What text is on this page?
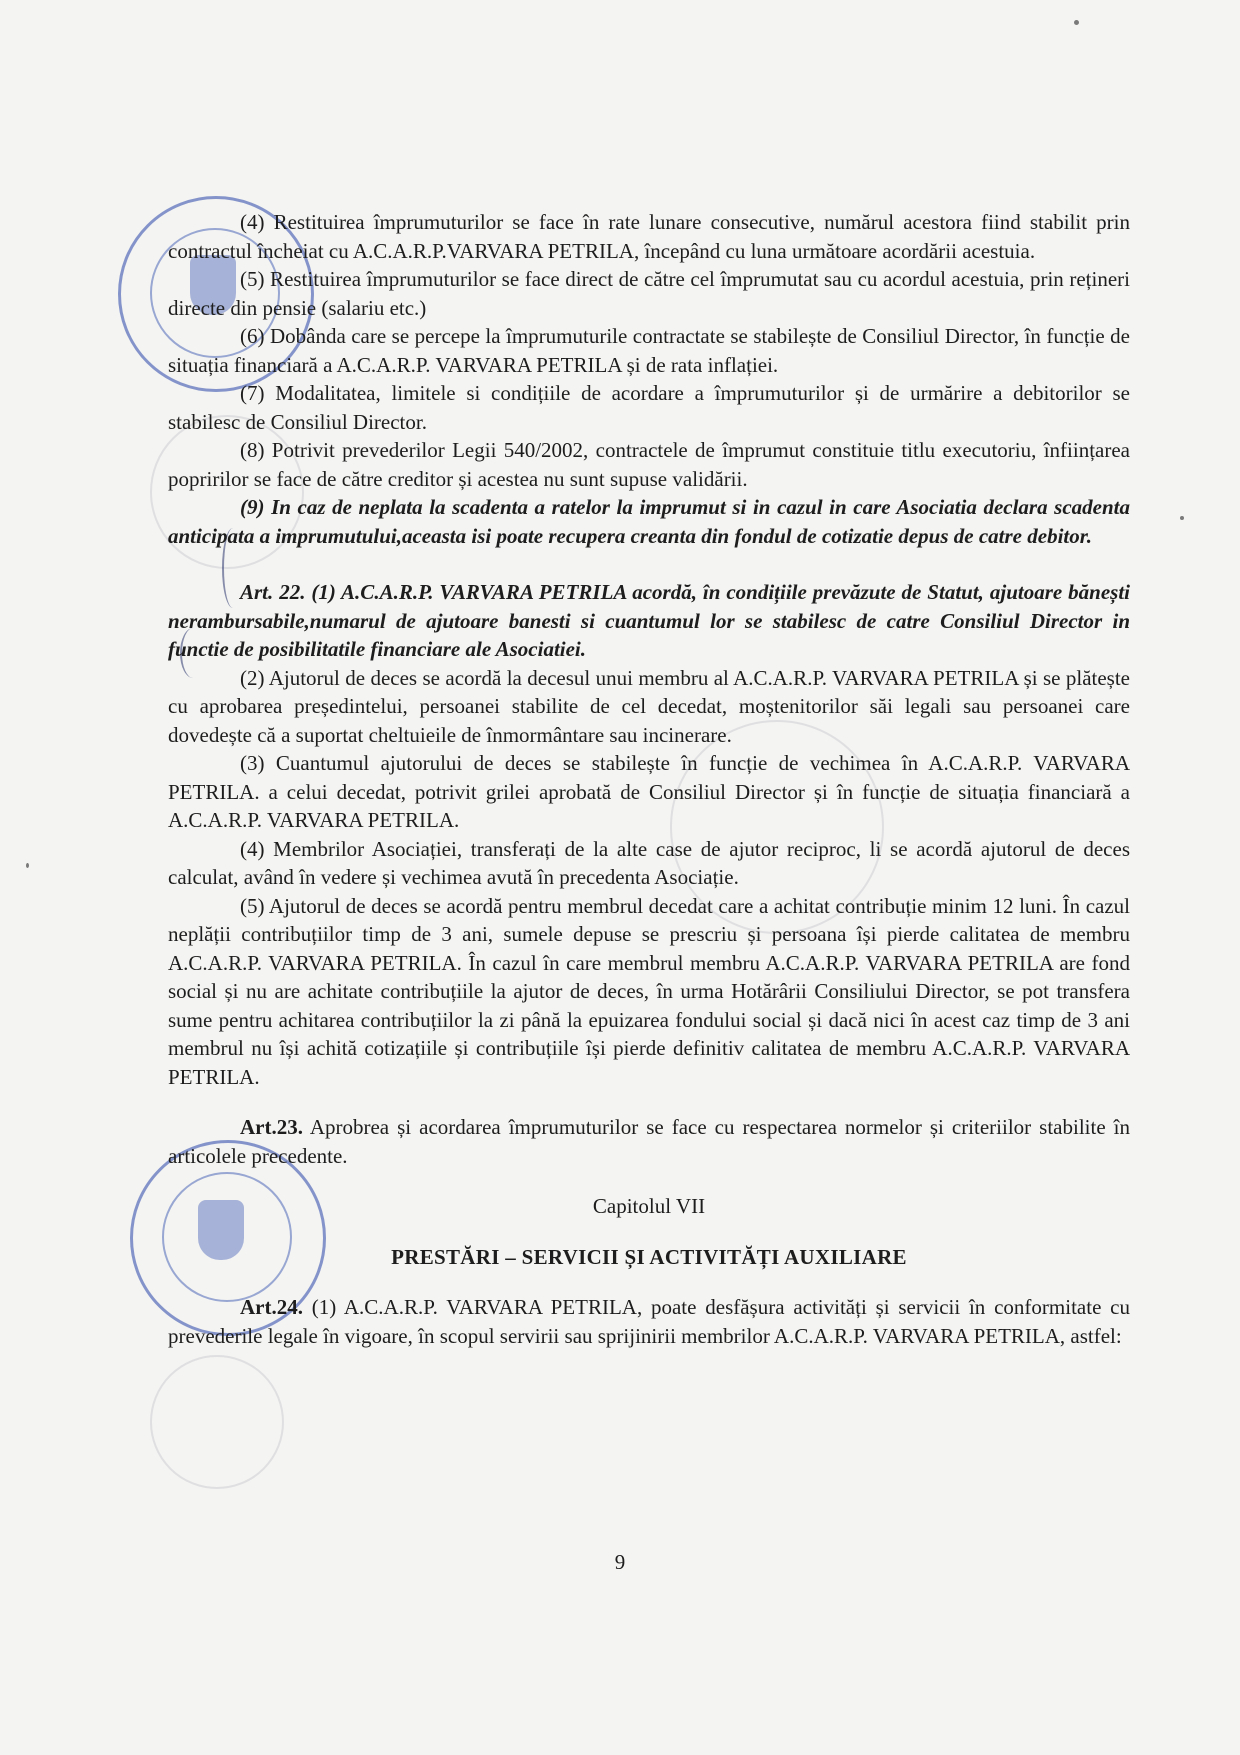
(4) Restituirea împrumuturilor se face în rate lunare consecutive, numărul acestora fiind stabilit prin contractul încheiat cu A.C.A.R.P.VARVARA PETRILA, începând cu luna următoare acordării acestuia.

(5) Restituirea împrumuturilor se face direct de către cel împrumutat sau cu acordul acestuia, prin rețineri directe din pensie (salariu etc.)

(6) Dobânda care se percepe la împrumuturile contractate se stabilește de Consiliul Director, în funcție de situația financiară a A.C.A.R.P. VARVARA PETRILA și de rata inflației.

(7) Modalitatea, limitele si condițiile de acordare a împrumuturilor și de urmărire a debitorilor se stabilesc de Consiliul Director.

(8) Potrivit prevederilor Legii 540/2002, contractele de împrumut constituie titlu executoriu, înființarea popririlor se face de către creditor și acestea nu sunt supuse validării.

(9) In caz de neplata la scadenta a ratelor la imprumut si in cazul in care Asociatia declara scadenta anticipata a imprumutului,aceasta isi poate recupera creanta din fondul de cotizatie depus de catre debitor.

Art. 22. (1) A.C.A.R.P. VARVARA PETRILA acordă, în condițiile prevăzute de Statut, ajutoare bănești nerambursabile,numarul de ajutoare banesti si cuantumul lor se stabilesc de catre Consiliul Director in functie de posibilitatile financiare ale Asociatiei.

(2) Ajutorul de deces se acordă la decesul unui membru al A.C.A.R.P. VARVARA PETRILA și se plătește cu aprobarea președintelui, persoanei stabilite de cel decedat, moștenitorilor săi legali sau persoanei care dovedește că a suportat cheltuieile de înmormântare sau incinerare.

(3) Cuantumul ajutorului de deces se stabilește în funcție de vechimea în A.C.A.R.P. VARVARA PETRILA. a celui decedat, potrivit grilei aprobată de Consiliul Director și în funcție de situația financiară a A.C.A.R.P. VARVARA PETRILA.

(4) Membrilor Asociației, transferați de la alte case de ajutor reciproc, li se acordă ajutorul de deces calculat, având în vedere și vechimea avută în precedenta Asociație.

(5) Ajutorul de deces se acordă pentru membrul decedat care a achitat contribuție minim 12 luni. În cazul neplății contribuțiilor timp de 3 ani, sumele depuse se prescriu și persoana își pierde calitatea de membru A.C.A.R.P. VARVARA PETRILA. În cazul în care membrul membru A.C.A.R.P. VARVARA PETRILA are fond social și nu are achitate contribuțiile la ajutor de deces, în urma Hotărârii Consiliului Director, se pot transfera sume pentru achitarea contribuțiilor la zi până la epuizarea fondului social și dacă nici în acest caz timp de 3 ani membrul nu își achită cotizațiile și contribuțiile își pierde definitiv calitatea de membru A.C.A.R.P. VARVARA PETRILA.

Art.23. Aprobrea și acordarea împrumuturilor se face cu respectarea normelor și criteriilor stabilite în articolele precedente.

Capitolul VII

PRESTĂRI – SERVICII ȘI ACTIVITĂȚI AUXILIARE

Art.24. (1) A.C.A.R.P. VARVARA PETRILA, poate desfășura activități și servicii în conformitate cu prevederile legale în vigoare, în scopul servirii sau sprijinirii membrilor A.C.A.R.P. VARVARA PETRILA, astfel:

9
